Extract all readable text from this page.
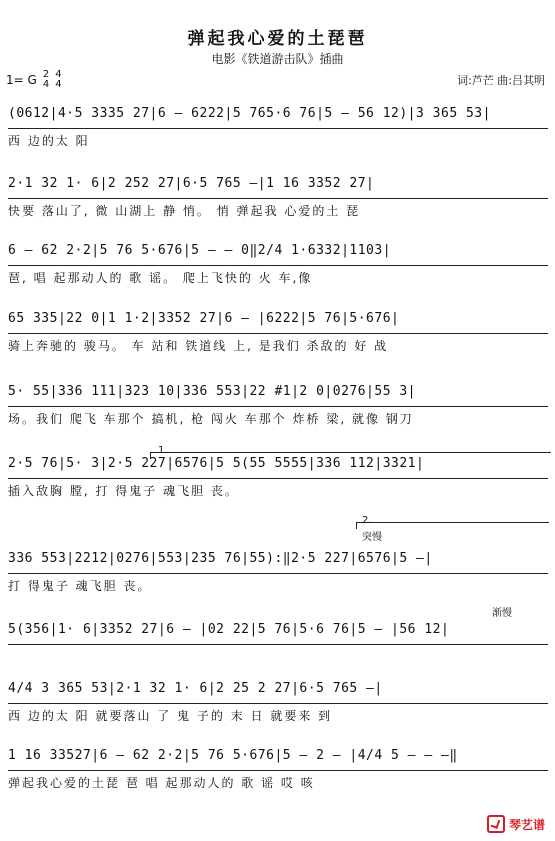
弹起我心爱的土琵琶
电影《铁道游击队》插曲
1= G 2
4
4
4	词:芦芒 曲:吕其明
(0612|4·5 3335 27|6 — 6222|5 765·6 76|5 — 56 12)|3 365 53|
西 边的太 阳
2·1 32 1· 6|2 252 27|6·5 765 —|1 16 3352 27|
快要 落山了, 微 山湖上 静 悄。 悄 弹起我 心爱的土 琵
6 — 62 2·2|5 76 5·676|5 — — 0‖2/4 1·6332|1103|
琶, 唱 起那动人的 歌 谣。 爬上飞快的 火 车,像
65 335|22 0|1 1·2|3352 27|6 — |6222|5 76|5·676|
骑上奔驰的 骏马。 车 站和 铁道线 上, 是我们 杀敌的 好 战
5· 55|336 111|323 10|336 553|22 #1|2 0|0276|55 3|
场。我们 爬飞 车那个 搞机, 枪 闯火 车那个 炸桥 梁, 就像 钢刀
2·5 76|5· 3|2·5 227|6576|5 5(55 5555|336 112|3321|
插入敌胸 膛, 打 得鬼子 魂飞胆 丧。
336 553|2212|0276|553|235 76|55):‖2·5 227|6576|5 —|
打 得鬼子 魂飞胆 丧。
5(356|1· 6|3352 27|6 — |02 22|5 76|5·6 76|5 — |56 12|
4/4 3 365 53|2·1 32 1· 6|2 25 2 27|6·5 765 —|
西 边的太 阳 就要落山 了 鬼 子的 末 日 就要来 到
1 16 33527|6 — 62 2·2|5 76 5·676|5 — 2 — |4/4 5 — — —‖
弹起我心爱的土琵 琶 唱 起那动人的 歌 谣 哎 咳
1.
2.
突慢
渐慢
琴艺谱
